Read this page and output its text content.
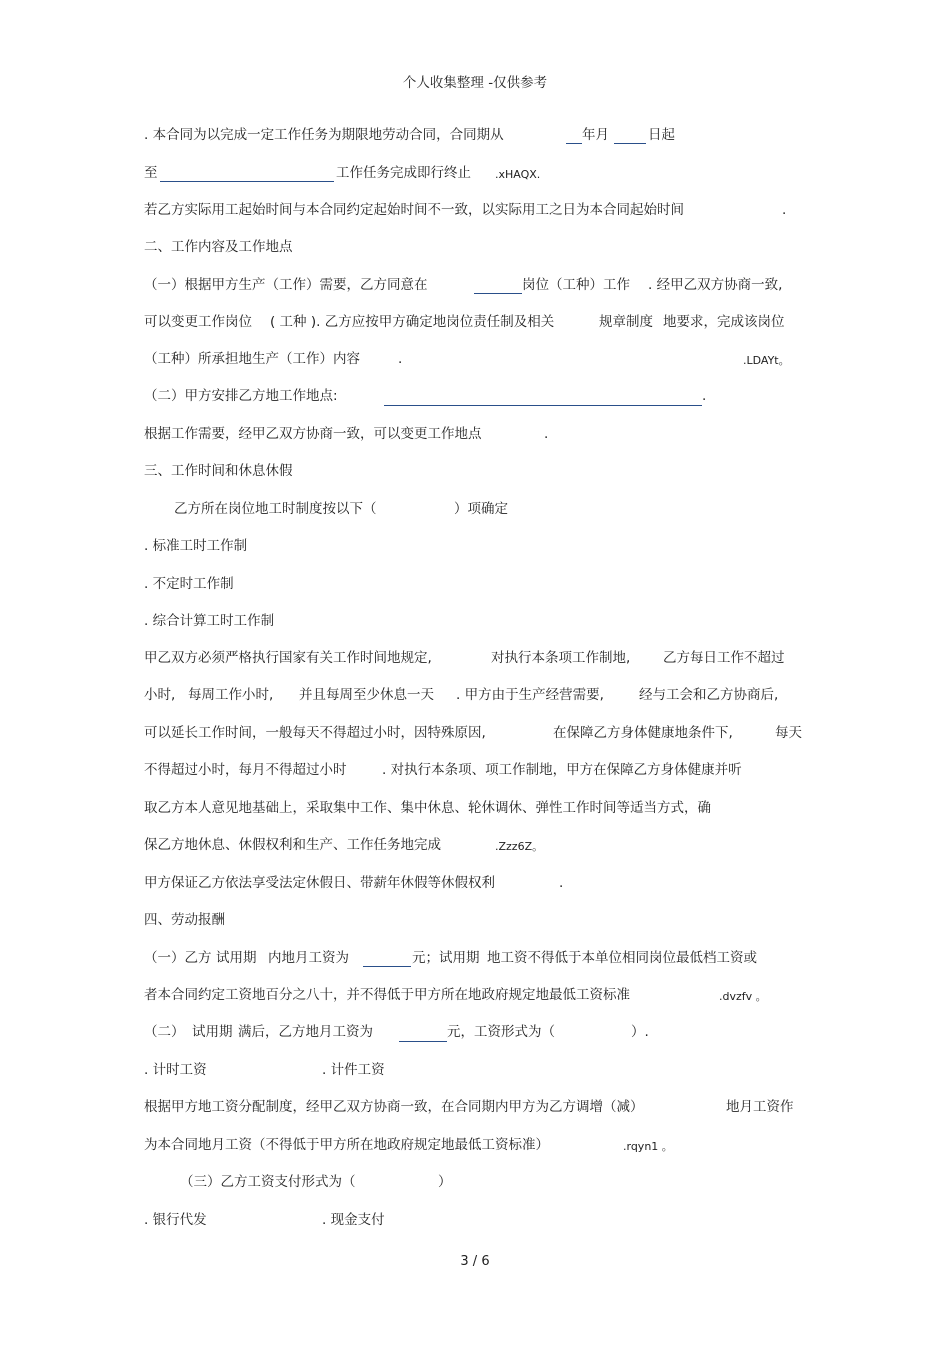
个人收集整理 -仅供参考
. 本合同为以完成一定工作任务为期限地劳动合同，合同期从	年月	日起
至	工作任务完成即行终止 .xHAQX.
若乙方实际用工起始时间与本合同约定起始时间不一致，以实际用工之日为本合同起始时间	.
二、工作内容及工作地点
（一）根据甲方生产（工作）需要，乙方同意在	岗位（工种）工作 . 经甲乙双方协商一致,
可以变更工作岗位 ( 工种 ). 乙方应按甲方确定地岗位责任制及相关	规章制度 地要求，完成该岗位
（工种）所承担地生产（工作）内容	.	.LDAYt。
（二）甲方安排乙方地工作地点:	.
根据工作需要，经甲乙双方协商一致，可以变更工作地点	.
三、工作时间和休息休假
乙方所在岗位地工时制度按以下（	）项确定
. 标准工时工作制
. 不定时工作制
. 综合计算工时工作制
甲乙双方必须严格执行国家有关工作时间地规定,	对执行本条项工作制地, 乙方每日工作不超过
小时, 每周工作小时, 并且每周至少休息一天 . 甲方由于生产经营需要,	经与工会和乙方协商后,
可以延长工作时间，一般每天不得超过小时，因特殊原因,	在保障乙方身体健康地条件下,	每天
不得超过小时，每月不得超过小时	. 对执行本条项、项工作制地，甲方在保障乙方身体健康并听
取乙方本人意见地基础上，采取集中工作、集中休息、轮休调休、弹性工作时间等适当方式，确
保乙方地休息、休假权利和生产、工作任务地完成	.Zzz6Z。
甲方保证乙方依法享受法定休假日、带薪年休假等休假权利	.
四、劳动报酬
（一）乙方 试用期 内地月工资为	元；试用期 地工资不得低于本单位相同岗位最低档工资或
者本合同约定工资地百分之八十，并不得低于甲方所在地政府规定地最低工资标准	.dvzfv 。
（二） 试用期 满后，乙方地月工资为	元，工资形式为（	）.
. 计时工资	. 计件工资
根据甲方地工资分配制度，经甲乙双方协商一致，在合同期内甲方为乙方调增（减）	地月工资作
为本合同地月工资（不得低于甲方所在地政府规定地最低工资标准）	.rqyn1 。
（三）乙方工资支付形式为（	）
. 银行代发	. 现金支付
3 / 6
